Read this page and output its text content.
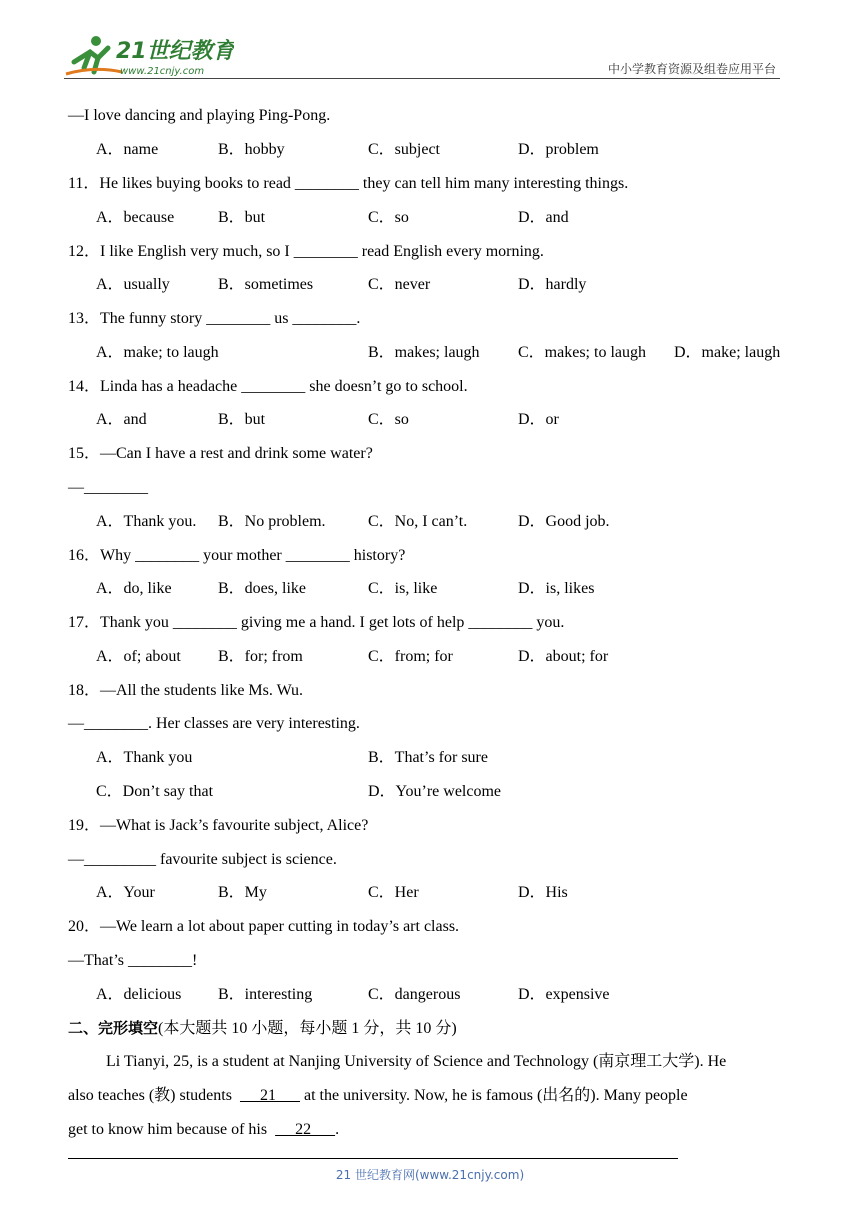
21世纪教育
www.21cnjy.com	中小学教育资源及组卷应用平台
—I love dancing and playing Ping-Pong.
A．name	B．hobby	C．subject	D．problem
11．He likes buying books to read ________ they can tell him many interesting things.
A．because	B．but	C．so	D．and
12．I like English very much, so I ________ read English every morning.
A．usually	B．sometimes	C．never	D．hardly
13．The funny story ________ us ________.
A．make; to laugh	B．makes; laugh C．makes; to laugh D．make; laugh
14．Linda has a headache ________ she doesn’t go to school.
A．and	B．but	C．so	D．or
15．—Can I have a rest and drink some water?
—________
A．Thank you. B．No problem.	C．No, I can’t.	D．Good job.
16．Why ________ your mother ________ history?
A．do, like	B．does, like	C．is, like	D．is, likes
17．Thank you ________ giving me a hand. I get lots of help ________ you.
A．of; about B．for; from	C．from; for	D．about; for
18．—All the students like Ms. Wu.
—________. Her classes are very interesting.
A．Thank you	B．That’s for sure
C．Don’t say that	D．You’re welcome
19．—What is Jack’s favourite subject, Alice?
—_________ favourite subject is science.
A．Your	B．My	C．Her	D．His
20．—We learn a lot about paper cutting in today’s art class.
—That’s ________!
A．delicious B．interesting	C．dangerous	D．expensive
二、完形填空(本大题共 10 小题，每小题 1 分，共 10 分)
Li Tianyi, 25, is a student at Nanjing University of Science and Technology (南京理工大学). He
also teaches (教) students       21       at the university. Now, he is famous (出名的). Many people
get to know him because of his       22      .
21 世纪教育网(www.21cnjy.com)
